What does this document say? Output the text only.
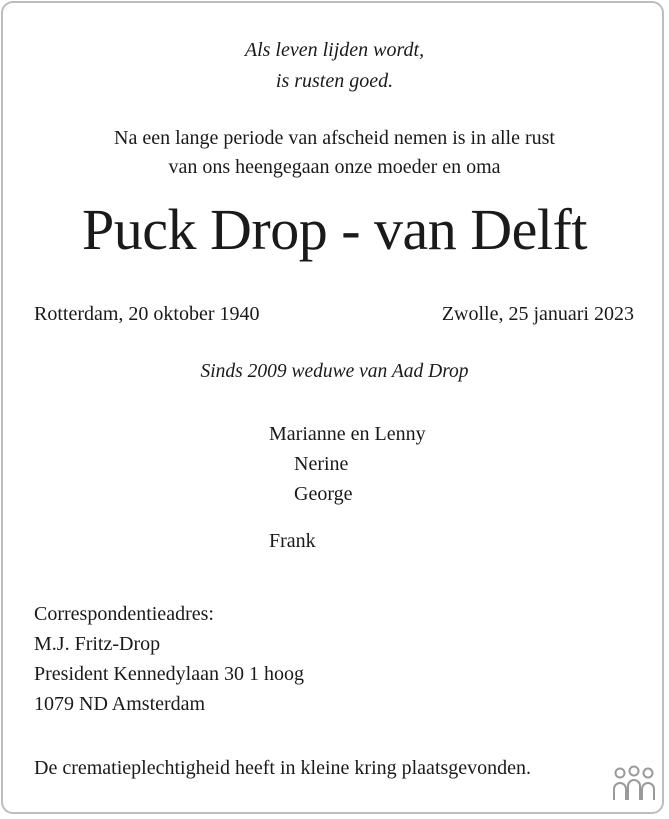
Als leven lijden wordt,
is rusten goed.
Na een lange periode van afscheid nemen is in alle rust
van ons heengegaan onze moeder en oma
Puck Drop - van Delft
Rotterdam, 20 oktober 1940	Zwolle, 25 januari 2023
Sinds 2009 weduwe van Aad Drop
Marianne en Lenny
Nerine
George
Frank
Correspondentieadres:
M.J. Fritz-Drop
President Kennedylaan 30 1 hoog
1079 ND Amsterdam
De crematieplechtigheid heeft in kleine kring plaatsgevonden.
